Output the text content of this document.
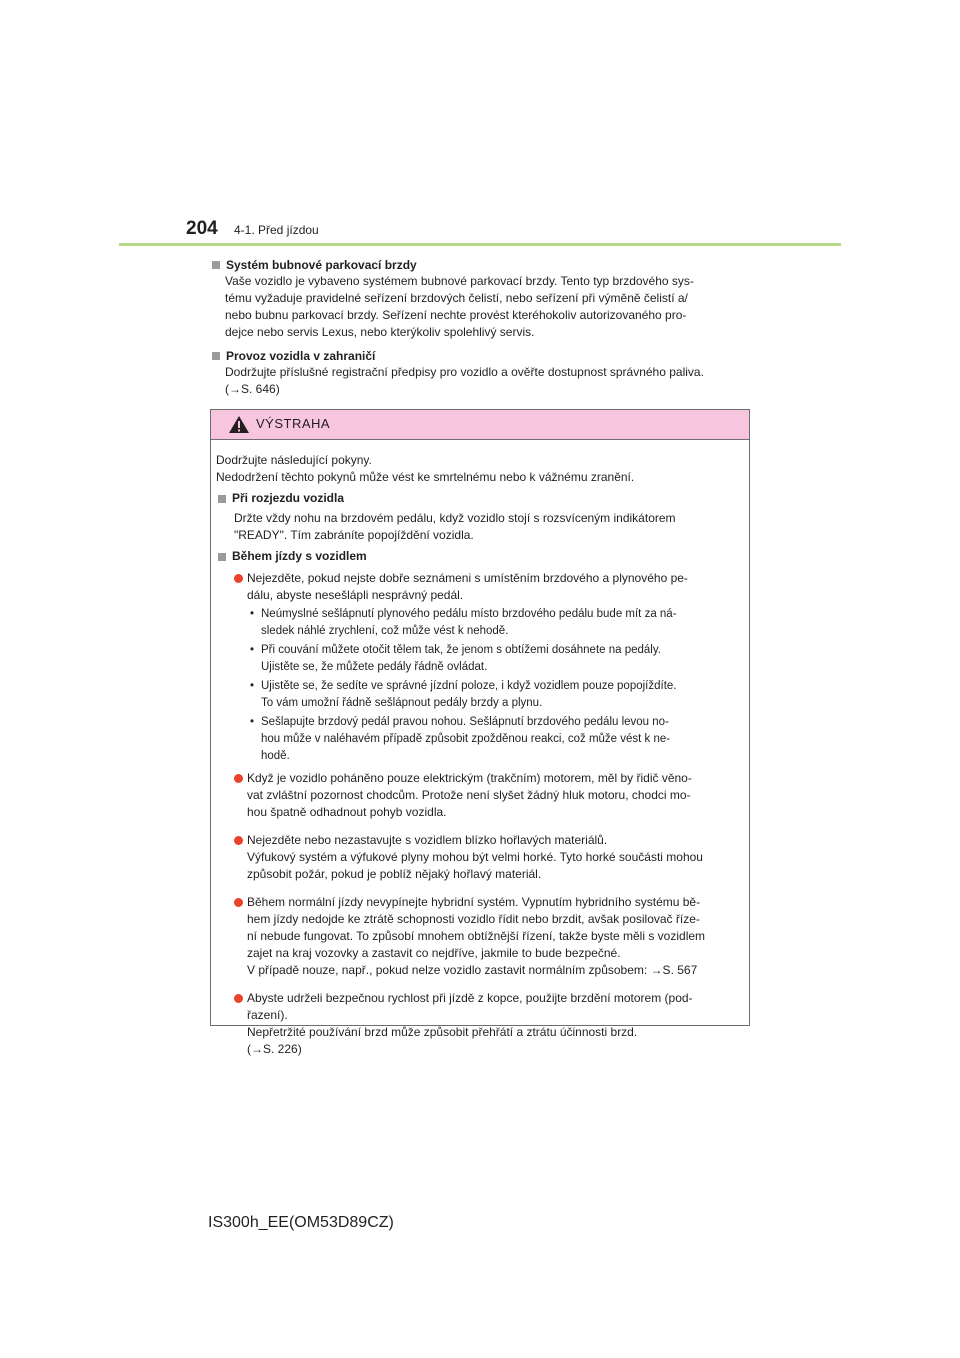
204 4-1. Před jízdou
Systém bubnové parkovací brzdy
Vaše vozidlo je vybaveno systémem bubnové parkovací brzdy. Tento typ brzdového sys-
tému vyžaduje pravidelné seřízení brzdových čelistí, nebo seřízení při výměně čelistí a/
nebo bubnu parkovací brzdy. Seřízení nechte provést kteréhokoliv autorizovaného pro-
dejce nebo servis Lexus, nebo kterýkoliv spolehlivý servis.
Provoz vozidla v zahraničí
Dodržujte příslušné registrační předpisy pro vozidlo a ověřte dostupnost správného paliva.
(→S. 646)
VÝSTRAHA
Dodržujte následující pokyny.
Nedodržení těchto pokynů může vést ke smrtelnému nebo k vážnému zranění.
Při rozjezdu vozidla
Držte vždy nohu na brzdovém pedálu, když vozidlo stojí s rozsvíceným indikátorem
"READY". Tím zabráníte popojíždění vozidla.
Během jízdy s vozidlem
Nejezděte, pokud nejste dobře seznámeni s umístěním brzdového a plynového pe-
dálu, abyste nesešlápli nesprávný pedál.
• Neúmyslné sešlápnutí plynového pedálu místo brzdového pedálu bude mít za ná-
sledek náhlé zrychlení, což může vést k nehodě.
• Při couvání můžete otočit tělem tak, že jenom s obtížemi dosáhnete na pedály.
Ujistěte se, že můžete pedály řádně ovládat.
• Ujistěte se, že sedíte ve správné jízdní poloze, i když vozidlem pouze popojíždíte.
To vám umožní řádně sešlápnout pedály brzdy a plynu.
• Sešlapujte brzdový pedál pravou nohou. Sešlápnutí brzdového pedálu levou no-
hou může v naléhavém případě způsobit zpožděnou reakci, což může vést k ne-
hodě.
Když je vozidlo poháněno pouze elektrickým (trakčním) motorem, měl by řidič věno-
vat zvláštní pozornost chodcům. Protože není slyšet žádný hluk motoru, chodci mo-
hou špatně odhadnout pohyb vozidla.
Nejezděte nebo nezastavujte s vozidlem blízko hořlavých materiálů.
Výfukový systém a výfukové plyny mohou být velmi horké. Tyto horké součásti mohou
způsobit požár, pokud je poblíž nějaký hořlavý materiál.
Během normální jízdy nevypínejte hybridní systém. Vypnutím hybridního systému bě-
hem jízdy nedojde ke ztrátě schopnosti vozidlo řídit nebo brzdit, avšak posilovač říze-
ní nebude fungovat. To způsobí mnohem obtížnější řízení, takže byste měli s vozidlem
zajet na kraj vozovky a zastavit co nejdříve, jakmile to bude bezpečné.
V případě nouze, např., pokud nelze vozidlo zastavit normálním způsobem: →S. 567
Abyste udrželi bezpečnou rychlost při jízdě z kopce, použijte brzdění motorem (pod-
řazení).
Nepřetržité používání brzd může způsobit přehřátí a ztrátu účinnosti brzd.
(→S. 226)
IS300h_EE(OM53D89CZ)
